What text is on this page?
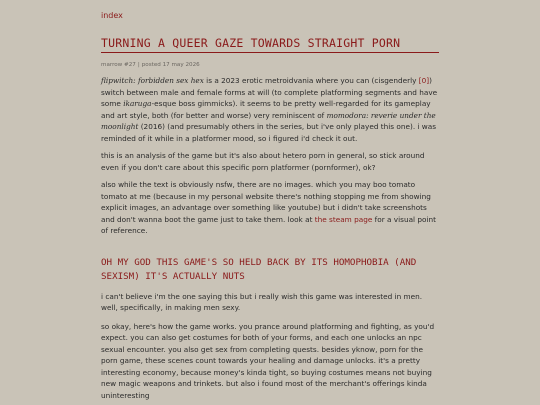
index
TURNING A QUEER GAZE TOWARDS STRAIGHT PORN
marrow #27 | posted 17 may 2026

flipwitch: forbidden sex hex is a 2023 erotic metroidvania where you can (cisgenderly [0]) switch between male and female forms at will (to complete platforming segments and have some ikaruga-esque boss gimmicks). it seems to be pretty well-regarded for its gameplay and art style, both (for better and worse) very reminiscent of momodora: reverie under the moonlight (2016) (and presumably others in the series, but i've only played this one). i was reminded of it while in a platformer mood, so i figured i'd check it out.

this is an analysis of the game but it's also about hetero porn in general, so stick around even if you don't care about this specific porn platformer (pornformer), ok?

also while the text is obviously nsfw, there are no images. which you may boo tomato tomato at me (because in my personal website there's nothing stopping me from showing explicit images, an advantage over something like youtube) but i didn't take screenshots and don't wanna boot the game just to take them. look at the steam page for a visual point of reference.

OH MY GOD THIS GAME'S SO HELD BACK BY ITS HOMOPHOBIA (AND SEXISM) IT'S ACTUALLY NUTS

i can't believe i'm the one saying this but i really wish this game was interested in men. well, specifically, in making men sexy.

so okay, here's how the game works. you prance around platforming and fighting, as you'd expect. you can also get costumes for both of your forms, and each one unlocks an npc sexual encounter. you also get sex from completing quests. besides yknow, porn for the porn game, these scenes count towards your healing and damage unlocks. it's a pretty interesting economy, because money's kinda tight, so buying costumes means not buying new magic weapons and trinkets. but also i found most of the merchant's offerings kinda uninteresting
